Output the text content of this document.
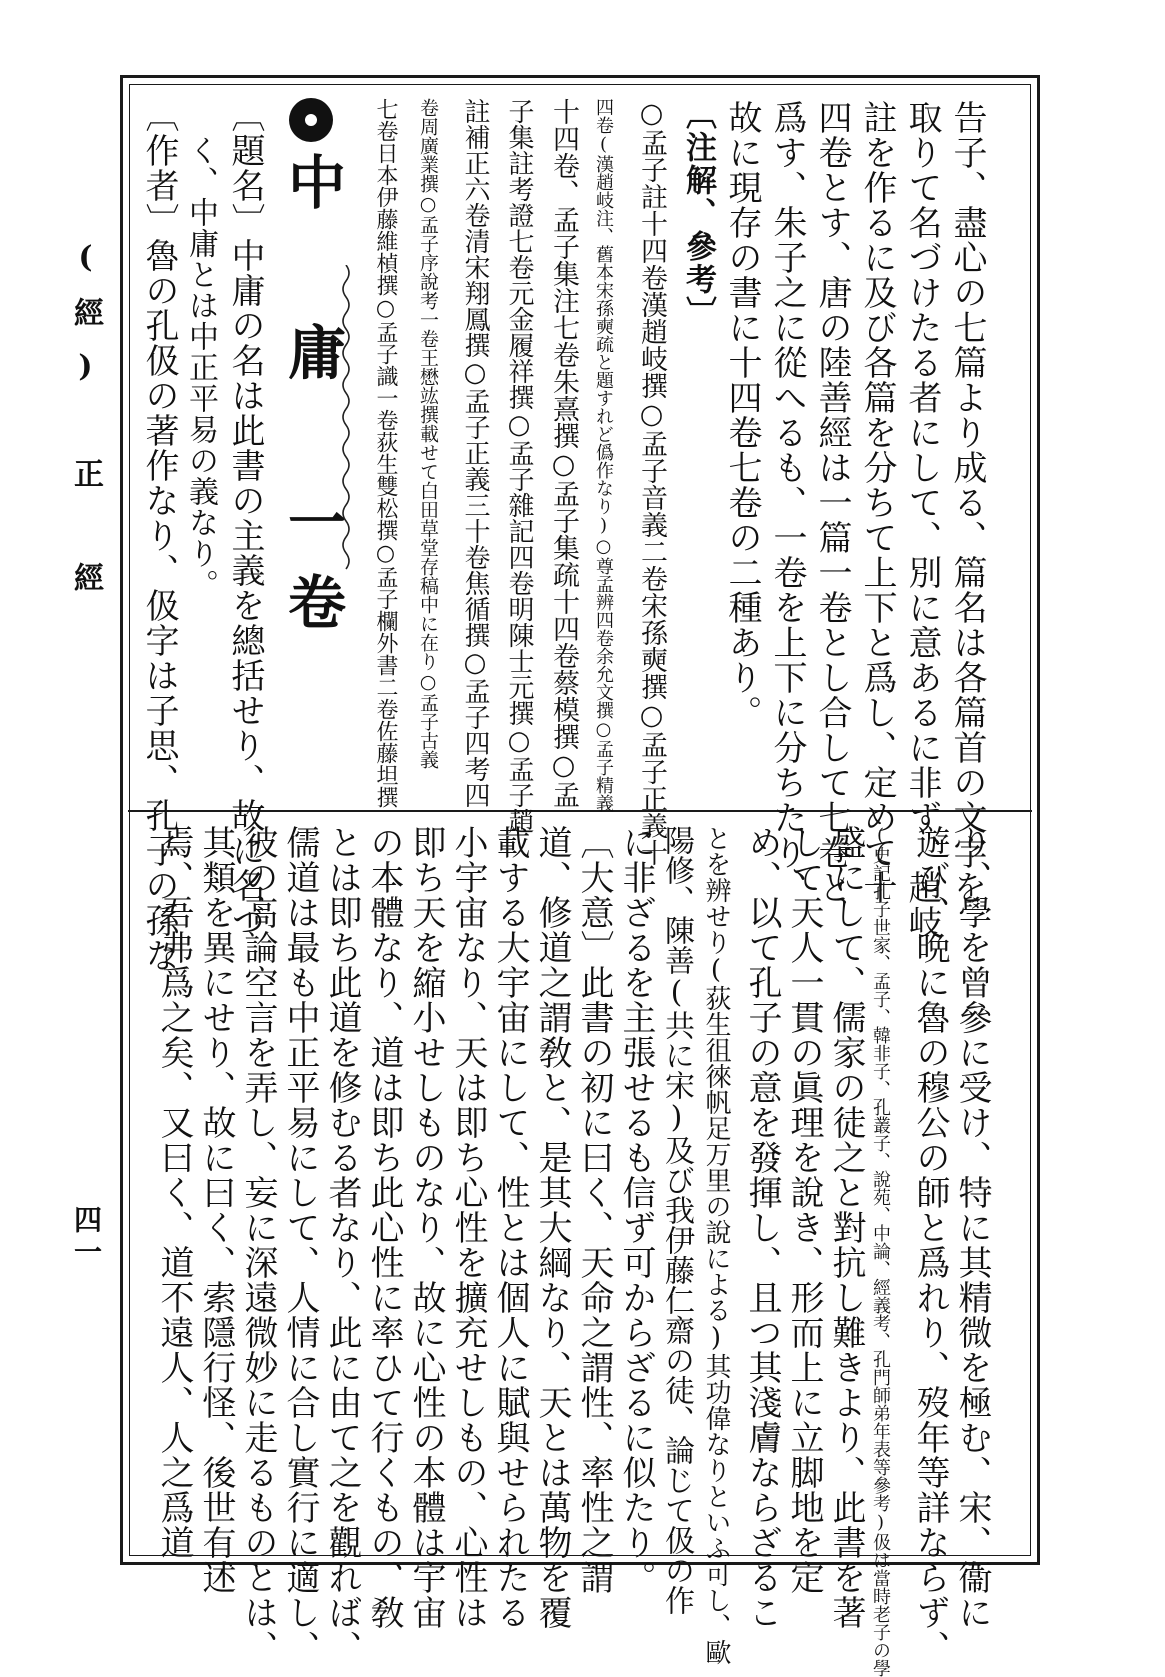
(經)　正　經
四一
告子、盡心の七篇より成る、篇名は各篇首の文字を
取りて名づけたる者にして、別に意あるに非ず、趙岐
註を作るに及び各篇を分ちて上下と爲し、定めて十
四卷とす、唐の陸善經は一篇一卷とし合して七卷と
爲す、朱子之に從へるも、一卷を上下に分ちたり、
故に現存の書に十四卷七卷の二種あり。
〔注解、參考〕
○孟子註十四卷漢趙岐撰○孟子音義二卷宋孫奭撰○孟子正義十
四卷(漢趙岐注、舊本宋孫奭疏と題すれど僞作なり)○尊孟辨四卷余允文撰○孟子精義
十四卷、孟子集注七卷朱熹撰○孟子集疏十四卷蔡模撰○孟
子集註考證七卷元金履祥撰○孟子雜記四卷明陳士元撰○孟子趙
註補正六卷清宋翔鳳撰○孟子正義三十卷焦循撰○孟子四考四
卷周廣業撰○孟子序說考一卷王懋竑撰載せて白田草堂存稿中に在り○孟子古義
七卷日本伊藤維楨撰○孟子識一卷荻生雙松撰○孟子欄外書二卷佐藤坦撰
中 庸 一卷
〔題名〕中庸の名は此書の主義を總括せり、故に名づ
く、中庸とは中正平易の義なり。
〔作者〕魯の孔伋の著作なり、伋字は子思、孔子の孫な
り、學を曾參に受け、特に其精微を極む、宋、衞に
遊び、晩に魯の穆公の師と爲れり、歿年等詳ならず、
(史記孔子世家、孟子、韓非子、孔叢子、說苑、中論、經義考、孔門師弟年表等參考)伋は當時老子の學
盛にして、儒家の徒之と對抗し難きより、此書を著
して天人一貫の眞理を說き、形而上に立脚地を定
め、以て孔子の意を發揮し、且つ其淺膚ならざるこ
とを辨せり(荻生徂徠帆足万里の說による)其功偉なりといふ可し、歐
陽修、陳善(共に宋)及び我伊藤仁齋の徒、論じて伋の作
に非ざるを主張せるも信ず可からざるに似たり。
〔大意〕此書の初に曰く、天命之謂性、率性之謂
道、修道之謂敎と、是其大綱なり、天とは萬物を覆
載する大宇宙にして、性とは個人に賦與せられたる
小宇宙なり、天は即ち心性を擴充せしもの、心性は
即ち天を縮小せしものなり、故に心性の本體は宇宙
の本體なり、道は即ち此心性に率ひて行くもの、敎
とは即ち此道を修むる者なり、此に由て之を觀れば、
儒道は最も中正平易にして、人情に合し實行に適し、
彼の高論空言を弄し、妄に深遠微妙に走るものとは、
其類を異にせり、故に曰く、索隱行怪、後世有述
焉、吾弗爲之矣、又曰く、道不遠人、人之爲道
